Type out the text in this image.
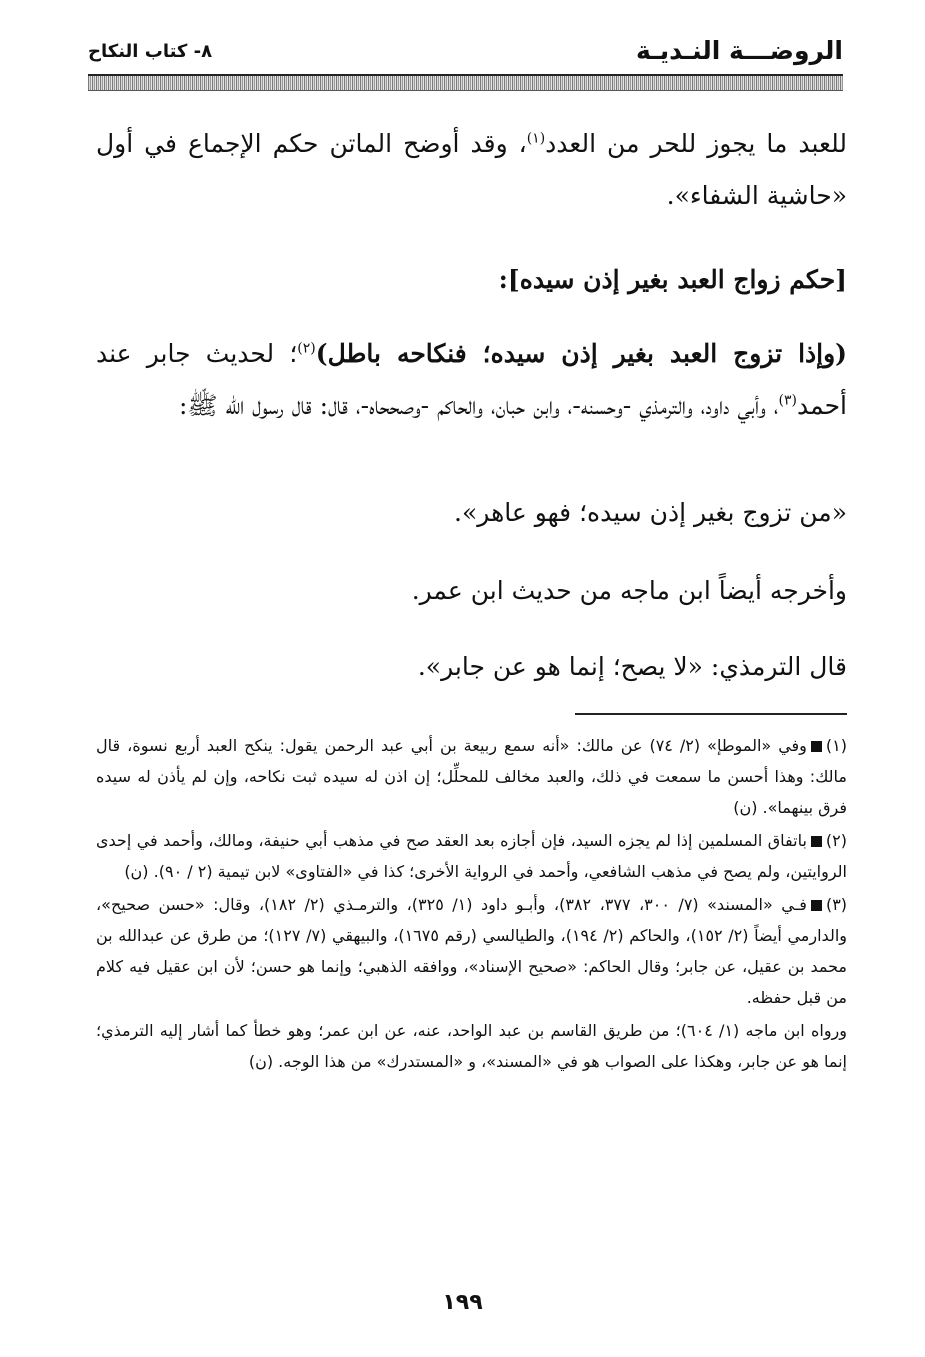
الروضـــة النـديـة
٨- كتاب النكاح

للعبد ما يجوز للحر من العدد$^{(١)}$، وقد أوضح الماتن حكم الإجماع في أول «حاشية الشفاء».

[حكم زواج العبد بغير إذن سيده]:

(وإذا تزوج العبد بغير إذن سيده؛ فنكاحه باطل)$^{(٢)}$؛ لحديث جابر عند أحمد$^{(٣)}$، وأبي داود، والترمذي -وحسنه-، وابن حبان، والحاكم -وصححاه-، قال: قال رسول الله ﷺ:

«من تزوج بغير إذن سيده؛ فهو عاهر».

وأخرجه أيضاً ابن ماجه من حديث ابن عمر.

قال الترمذي: «لا يصح؛ إنما هو عن جابر».

(١)وفي «الموطإ» (٢/ ٧٤) عن مالك: «أنه سمع ربيعة بن أبي عبد الرحمن يقول: ينكح العبد أربع نسوة، قال مالك: وهذا أحسن ما سمعت في ذلك، والعبد مخالف للمحلِّل؛ إن اذن له سيده ثبت نكاحه، وإن لم يأذن له سيده فرق بينهما». (ن)

(٢)باتفاق المسلمين إذا لم يجزه السيد، فإن أجازه بعد العقد صح في مذهب أبي حنيفة، ومالك، وأحمد في إحدى الروايتين، ولم يصح في مذهب الشافعي، وأحمد في الرواية الأخرى؛ كذا في «الفتاوى» لابن تيمية (٢ / ٩٠). (ن)

(٣)فـي «المسند» (٧/ ٣٠٠، ٣٧٧، ٣٨٢)، وأبـو داود (١/ ٣٢٥)، والترمـذي (٢/ ١٨٢)، وقال: «حسن صحيح»، والدارمي أيضاً (٢/ ١٥٢)، والحاكم (٢/ ١٩٤)، والطيالسي (رقم ١٦٧٥)، والبيهقي (٧/ ١٢٧)؛ من طرق عن عبدالله بن محمد بن عقيل، عن جابر؛ وقال الحاكم: «صحيح الإسناد»، ووافقه الذهبي؛ وإنما هو حسن؛ لأن ابن عقيل فيه كلام من قبل حفظه.

ورواه ابن ماجه (١/ ٦٠٤)؛ من طريق القاسم بن عبد الواحد، عنه، عن ابن عمر؛ وهو خطأ كما أشار إليه الترمذي؛ إنما هو عن جابر، وهكذا على الصواب هو في «المسند»، و «المستدرك» من هذا الوجه. (ن)

١٩٩
